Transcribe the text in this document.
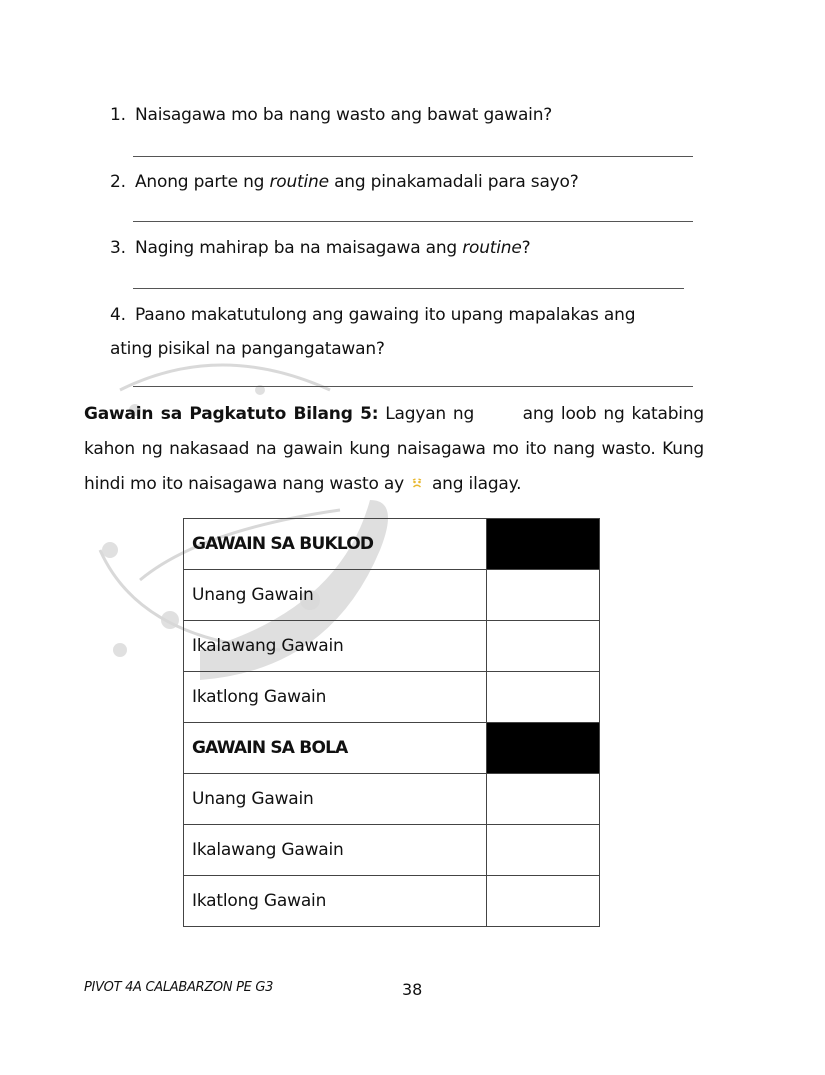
1. Naisagawa mo ba nang wasto ang bawat gawain?
2. Anong parte ng routine ang pinakamadali para sayo?
3. Naging mahirap ba na maisagawa ang routine?
4. Paano makatutulong ang gawaing ito upang mapalakas ang
ating pisikal na pangangatawan?
Gawain sa Pagkatuto Bilang 5: Lagyan ng       ang loob ng katabing kahon ng nakasaad na gawain kung naisagawa mo ito nang wasto. Kung hindi mo ito naisagawa nang wasto ay ang ilagay.
GAWAIN SA BUKLOD	
Unang Gawain	
Ikalawang Gawain	
Ikatlong Gawain	
GAWAIN SA BOLA	
Unang Gawain	
Ikalawang Gawain	
Ikatlong Gawain	
PIVOT 4A CALABARZON PE G3	38
